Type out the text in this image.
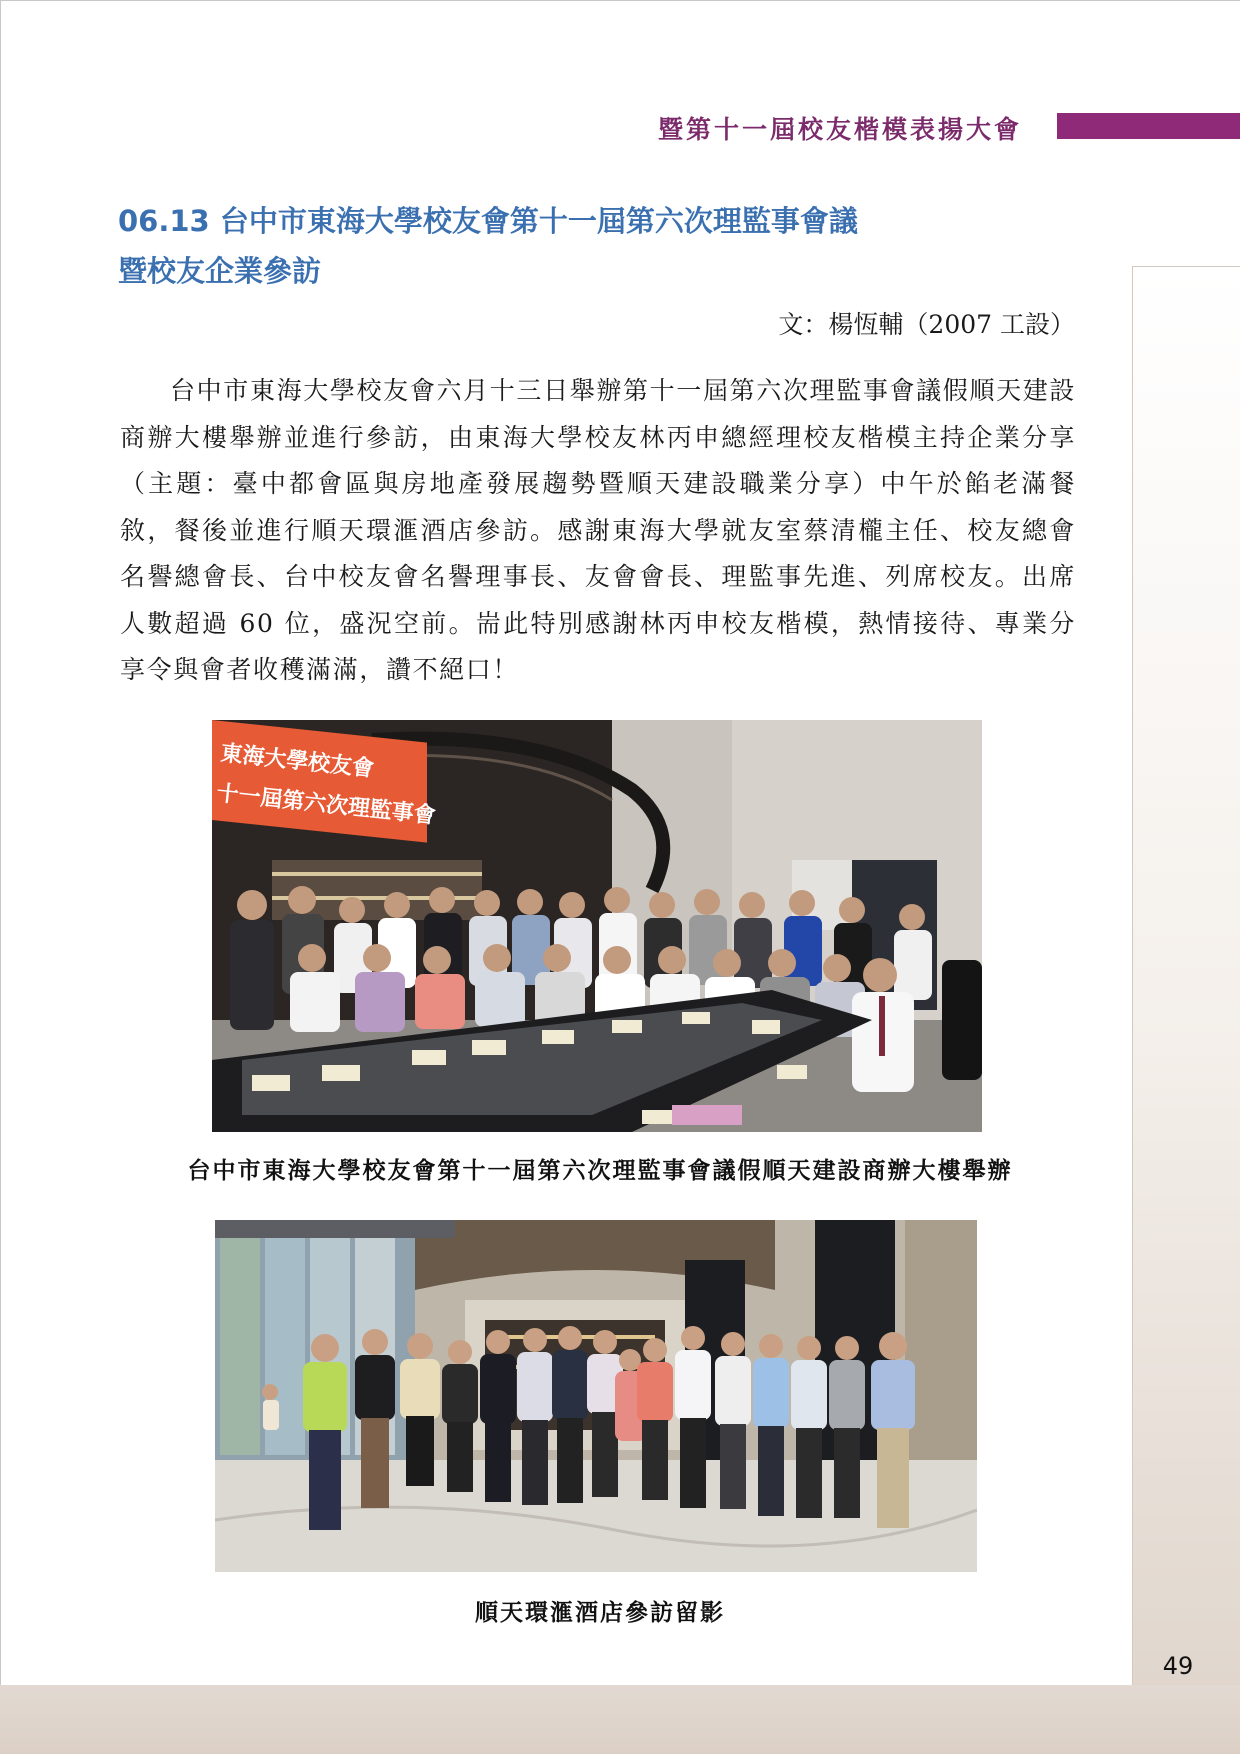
暨第十一屆校友楷模表揚大會
06.13 台中市東海大學校友會第十一屆第六次理監事會議
暨校友企業參訪
文：楊恆輔（2007 工設）
台中市東海大學校友會六月十三日舉辦第十一屆第六次理監事會議假順天建設商辦大樓舉辦並進行參訪，由東海大學校友林丙申總經理校友楷模主持企業分享（主題：臺中都會區與房地產發展趨勢暨順天建設職業分享）中午於餡老滿餐敘，餐後並進行順天環滙酒店參訪。感謝東海大學就友室蔡清櫳主任、校友總會名譽總會長、台中校友會名譽理事長、友會會長、理監事先進、列席校友。出席人數超過 60 位，盛況空前。耑此特別感謝林丙申校友楷模，熱情接待、專業分享令與會者收穫滿滿，讚不絕口！
東海大學校友會
十一屆第六次理監事會
台中市東海大學校友會第十一屆第六次理監事會議假順天建設商辦大樓舉辦
順天環滙酒店參訪留影
49
